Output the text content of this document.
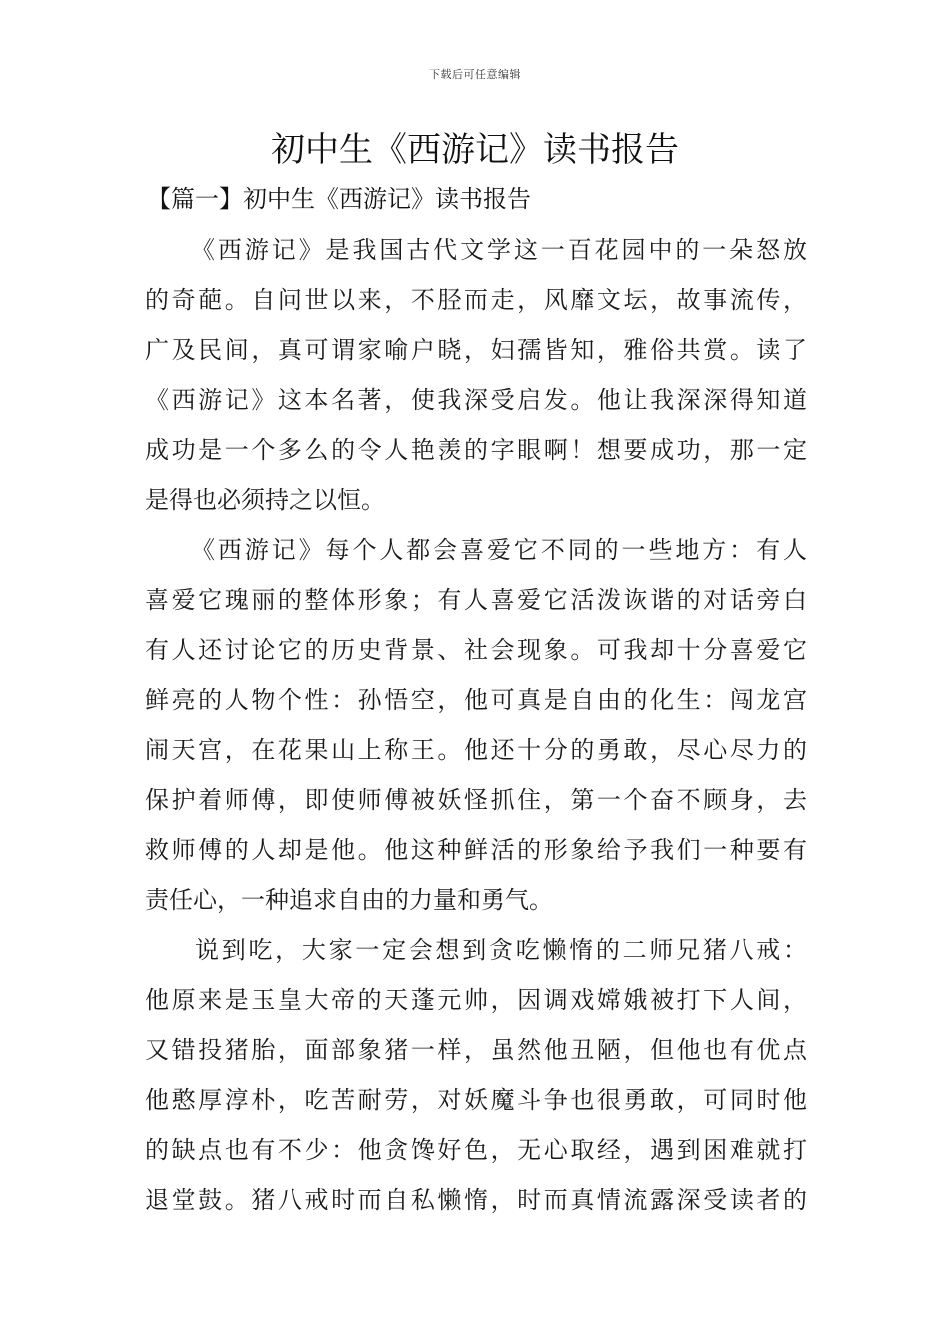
下载后可任意编辑
初中生《西游记》读书报告
【篇一】初中生《西游记》读书报告
《西游记》是我国古代文学这一百花园中的一朵怒放
的奇葩。自问世以来，不胫而走，风靡文坛，故事流传，
广及民间，真可谓家喻户晓，妇孺皆知，雅俗共赏。读了
《西游记》这本名著，使我深受启发。他让我深深得知道
成功是一个多么的令人艳羡的字眼啊！想要成功，那一定
是得也必须持之以恒。
《西游记》每个人都会喜爱它不同的一些地方：有人
喜爱它瑰丽的整体形象；有人喜爱它活泼诙谐的对话旁白
有人还讨论它的历史背景、社会现象。可我却十分喜爱它
鲜亮的人物个性：孙悟空，他可真是自由的化生：闯龙宫
闹天宫，在花果山上称王。他还十分的勇敢，尽心尽力的
保护着师傅，即使师傅被妖怪抓住，第一个奋不顾身，去
救师傅的人却是他。他这种鲜活的形象给予我们一种要有
责任心，一种追求自由的力量和勇气。
说到吃，大家一定会想到贪吃懒惰的二师兄猪八戒：
他原来是玉皇大帝的天蓬元帅，因调戏嫦娥被打下人间，
又错投猪胎，面部象猪一样，虽然他丑陋，但他也有优点
他憨厚淳朴，吃苦耐劳，对妖魔斗争也很勇敢，可同时他
的缺点也有不少：他贪馋好色，无心取经，遇到困难就打
退堂鼓。猪八戒时而自私懒惰，时而真情流露深受读者的
